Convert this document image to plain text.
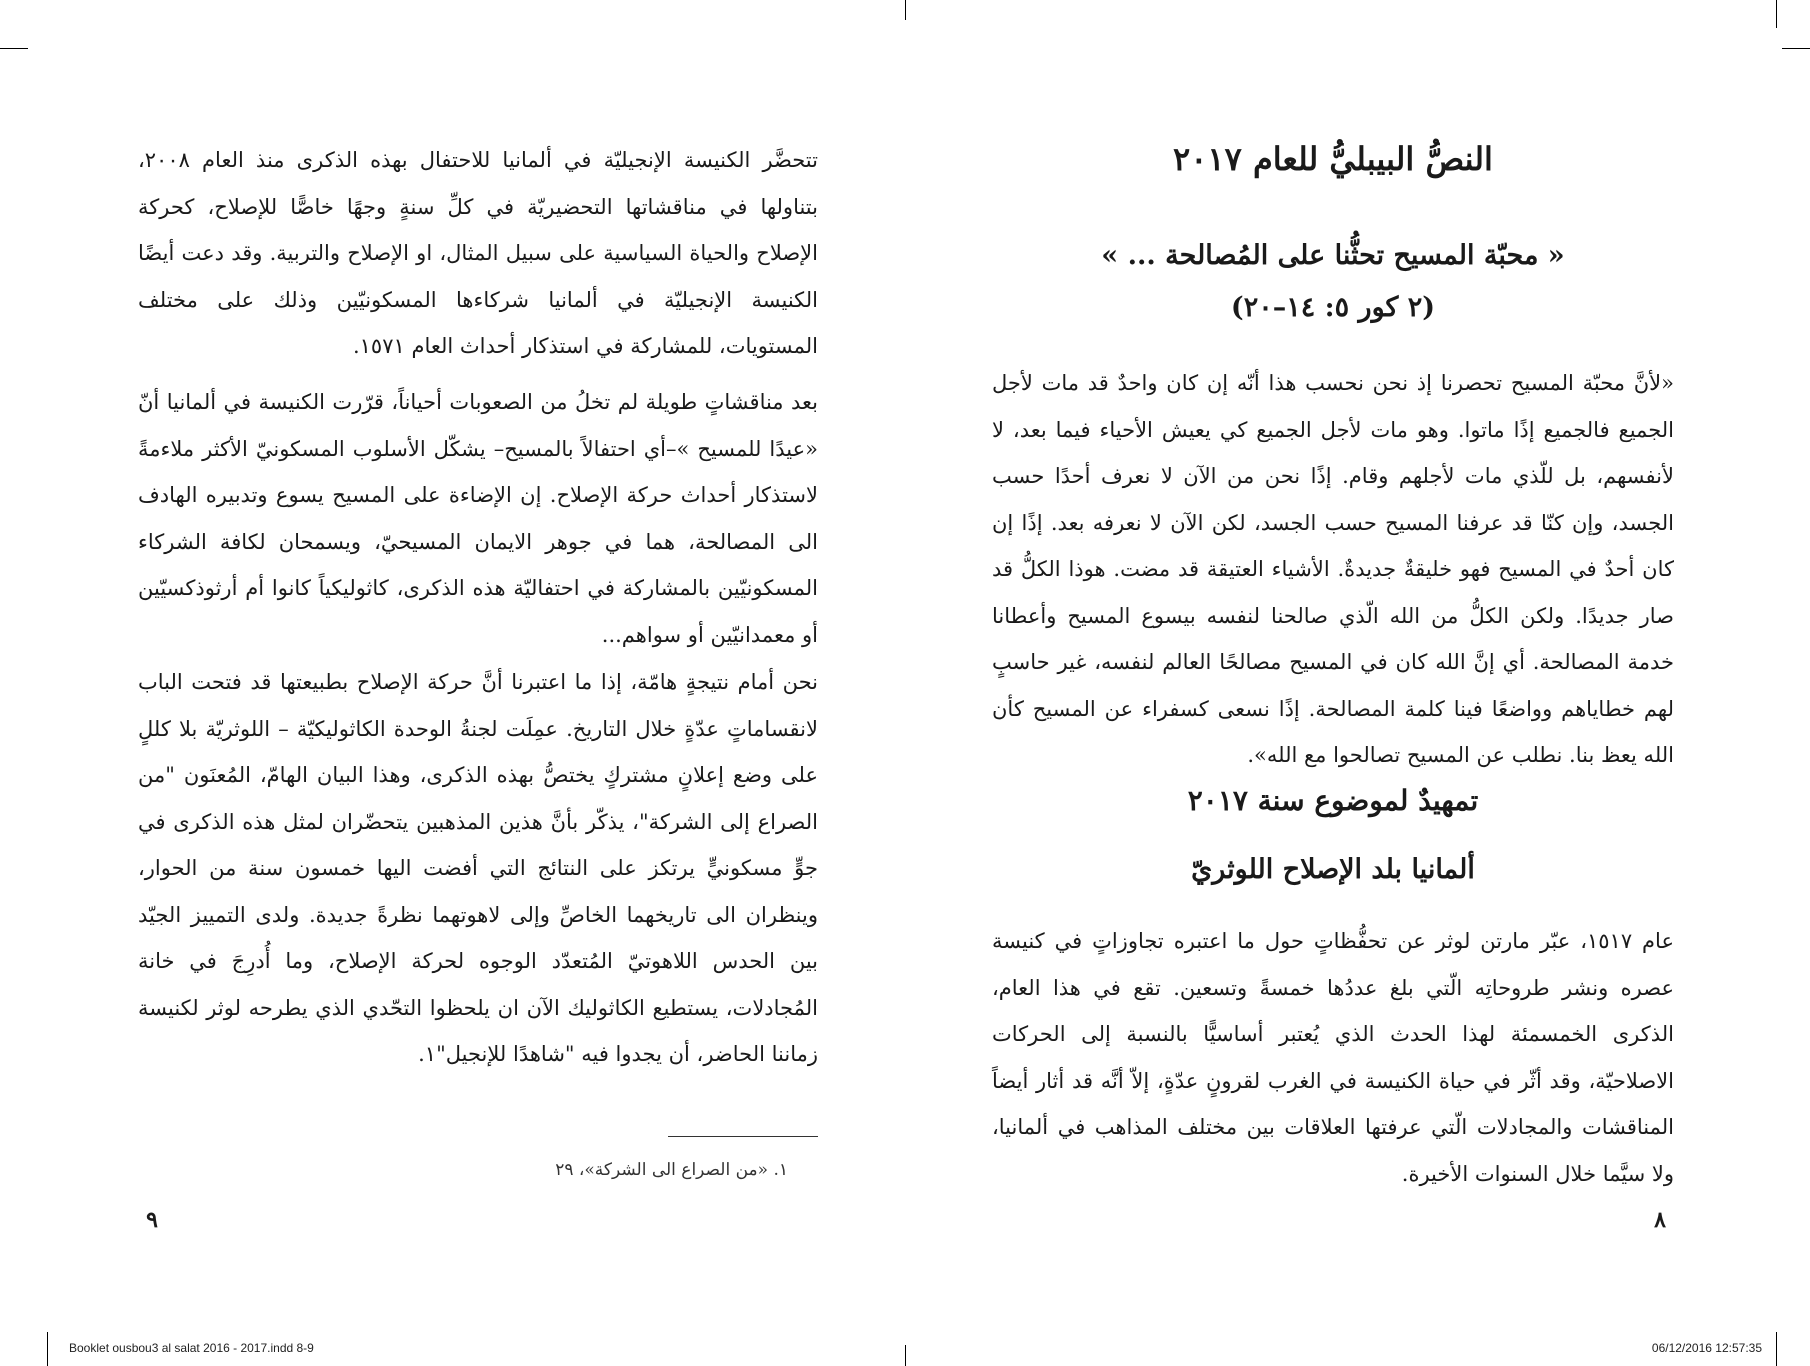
تتحضَّر الكنيسة الإنجيليّة في ألمانيا للاحتفال بهذه الذكرى منذ العام ٢٠٠٨، بتناولها في مناقشاتها التحضيريّة في كلِّ سنةٍ وجهًا خاصًّا للإصلاح، كحركة الإصلاح والحياة السياسية على سبيل المثال، او الإصلاح والتربية. وقد دعت أيضًا الكنيسة الإنجيليّة في ألمانيا شركاءها المسكونيّين وذلك على مختلف المستويات، للمشاركة في استذكار أحداث العام ١٥٧١.

بعد مناقشاتٍ طويلة لم تخلُ من الصعوبات أحياناً، قرّرت الكنيسة في ألمانيا أنّ «عيدًا للمسيح »–أي احتفالاً بالمسيح– يشكّل الأسلوب المسكونيّ الأكثر ملاءمةً لاستذكار أحداث حركة الإصلاح. إن الإضاءة على المسيح يسوع وتدبيره الهادف الى المصالحة، هما في جوهر الايمان المسيحيّ، ويسمحان لكافة الشركاء المسكونيّين بالمشاركة في احتفاليّة هذه الذكرى، كاثوليكياً كانوا أم أرثوذكسيّين أو معمدانيّين أو سواهم...

نحن أمام نتيجةٍ هامّة، إذا ما اعتبرنا أنَّ حركة الإصلاح بطبيعتها قد فتحت الباب لانقساماتٍ عدّةٍ خلال التاريخ. عمِلَت لجنةُ الوحدة الكاثوليكيّة – اللوثريّة بلا كللٍ على وضع إعلانٍ مشتركٍ يختصُّ بهذه الذكرى، وهذا البيان الهامّ، المُعنَون "من الصراع إلى الشركة"، يذكّر بأنَّ هذين المذهبين يتحضّران لمثل هذه الذكرى في جوٍّ مسكونيٍّ يرتكز على النتائج التي أفضت اليها خمسون سنة من الحوار، وينظران الى تاريخهما الخاصِّ وإلى لاهوتهما نظرةً جديدة. ولدى التمييز الجيّد بين الحدس اللاهوتيّ المُتعدّد الوجوه لحركة الإصلاح، وما أُدرِجَ في خانة المُجادلات، يستطيع الكاثوليك الآن ان يلحظوا التحّدي الذي يطرحه لوثر لكنيسة زماننا الحاضر، أن يجدوا فيه "شاهدًا للإنجيل"١.

١. «من الصراع الى الشركة»، ٢٩
٩
النصُّ البيبليُّ للعام ٢٠١٧
« محبّة المسيح تحثُّنا على المُصالحة ... »
(٢ كور ٥: ١٤–٢٠)

«لأنَّ محبّة المسيح تحصرنا إذ نحن نحسب هذا أنّه إن كان واحدٌ قد مات لأجل الجميع فالجميع إذًا ماتوا. وهو مات لأجل الجميع كي يعيش الأحياء فيما بعد، لا لأنفسهم، بل للّذي مات لأجلهم وقام. إذًا نحن من الآن لا نعرف أحدًا حسب الجسد، وإن كنّا قد عرفنا المسيح حسب الجسد، لكن الآن لا نعرفه بعد. إذًا إن كان أحدٌ في المسيح فهو خليقةٌ جديدةٌ. الأشياء العتيقة قد مضت. هوذا الكلُّ قد صار جديدًا. ولكن الكلُّ من الله الّذي صالحنا لنفسه بيسوع المسيح وأعطانا خدمة المصالحة. أي إنَّ الله كان في المسيح مصالحًا العالم لنفسه، غير حاسبٍ لهم خطاياهم وواضعًا فينا كلمة المصالحة. إذًا نسعى كسفراء عن المسيح كأن الله يعظ بنا. نطلب عن المسيح تصالحوا مع الله».

تمهيدٌ لموضوع سنة ٢٠١٧
ألمانيا بلد الإصلاح اللوثريّ

عام ١٥١٧، عبّر مارتن لوثر عن تحفُّظاتٍ حول ما اعتبره تجاوزاتٍ في كنيسة عصره ونشر طروحاتِه الّتي بلغ عددُها خمسةً وتسعين. تقع في هذا العام، الذكرى الخمسمئة لهذا الحدث الذي يُعتبر أساسيًّا بالنسبة إلى الحركات الاصلاحيّة، وقد أثّر في حياة الكنيسة في الغرب لقرونٍ عدّةٍ، إلاّ أنَّه قد أثار أيضاً المناقشات والمجادلات الّتي عرفتها العلاقات بين مختلف المذاهب في ألمانيا، ولا سيَّما خلال السنوات الأخيرة.

٨
Booklet ousbou3 al salat 2016 - 2017.indd 8-9	06/12/2016 12:57:35
